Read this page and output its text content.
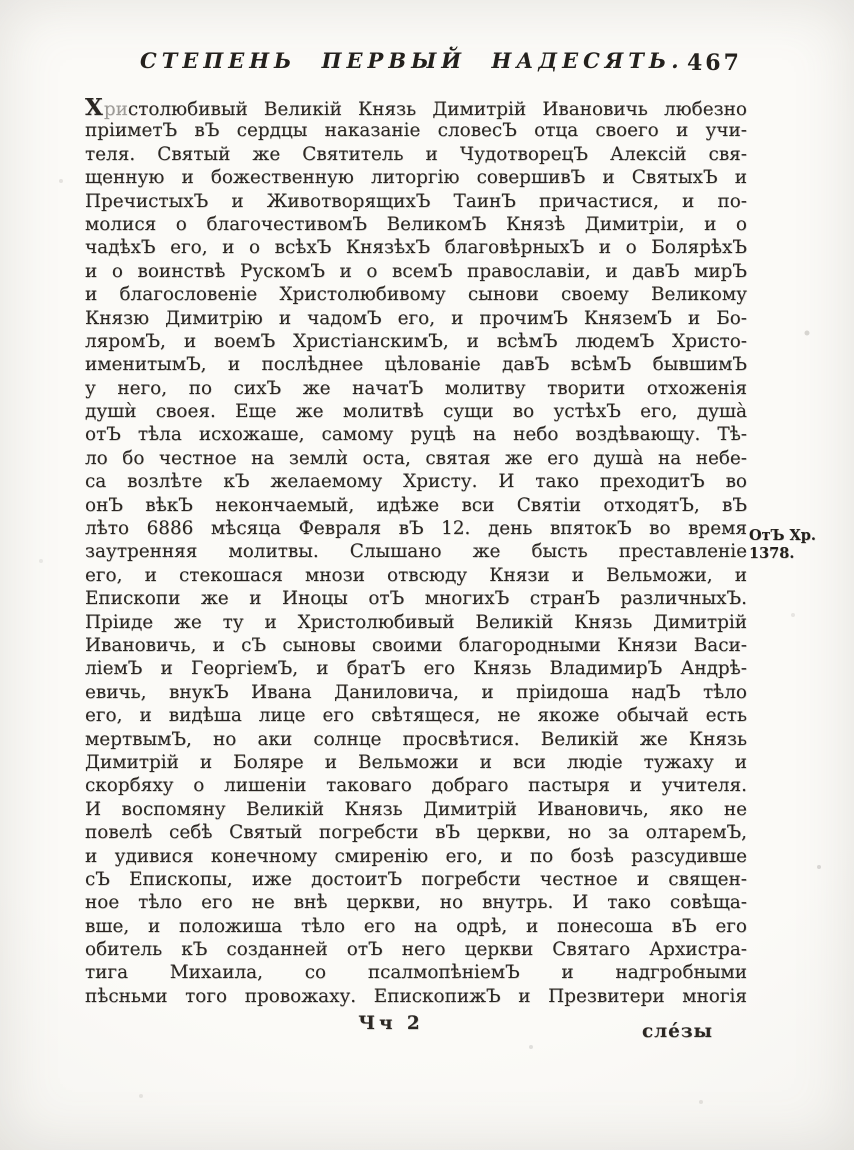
СТЕПЕНЬ ПЕРВЫЙ НАДЕСЯТЬ. 467
Христолюбивый Великій Князь Димитрій Ивановичь любезно
пріиметЪ вЪ сердцы наказаніе словесЪ отца своего и учи-
теля. Святый же Святитель и ЧудотворецЪ Алексій свя-
щенную и божественную литоргію совершивЪ и СвятыхЪ и
ПречистыхЪ и ЖивотворящихЪ ТаинЪ причастися, и по-
молися о благочестивомЪ ВеликомЪ Князѣ Димитріи, и о
чадѣхЪ его, и о всѣхЪ КнязѣхЪ благовѣрныхЪ и о БолярѣхЪ
и о воинствѣ РускомЪ и о всемЪ православіи, и давЪ мирЪ
и благословеніе Христолюбивому сынови своему Великому
Князю Димитрію и чадомЪ его, и прочимЪ КняземЪ и Бо-
ляромЪ, и воемЪ ХристіанскимЪ, и всѣмЪ людемЪ Христо-
именитымЪ, и послѣднее цѣлованіе давЪ всѣмЪ бывшимЪ
у него, по сихЪ же начатЪ молитву творити отхоженія
душѝ своея. Еще же молитвѣ сущи во устѣхЪ его, душа̀
отЪ тѣла исхожаше, самому руцѣ на небо воздѣвающу. Тѣ-
ло бо честное на землѝ оста, святая же его душа̀ на небе-
са возлѣте кЪ желаемому Христу. И тако преходитЪ во
онЪ вѣкЪ некончаемый, идѣже вси Святіи отходятЪ, вЪ
лѣто 6886 мѣсяца Февраля вЪ 12. день впятокЪ во время
заутренняя молитвы. Слышано же бысть преставленіе
его, и стекошася мнози отвсюду Князи и Вельможи, и
Епископи же и Иноцы отЪ многихЪ странЪ различныхЪ.
Пріиде же ту и Христолюбивый Великій Князь Димитрій
Ивановичь, и сЪ сыновы своими благородными Князи Васи-
ліемЪ и ГеоргіемЪ, и братЪ его Князь ВладимирЪ Андрѣ-
евичь, внукЪ Ивана Даниловича, и пріидоша надЪ тѣло
его, и видѣша лице его свѣтящеся, не якоже обычай есть
мертвымЪ, но аки солнце просвѣтися. Великій же Князь
Димитрій и Боляре и Вельможи и вси людіе тужаху и
скорбяху о лишеніи таковаго добраго пастыря и учителя.
И воспомяну Великій Князь Димитрій Ивановичь, яко не
повелѣ себѣ Святый погребсти вЪ церкви, но за олтаремЪ,
и удивися конечному смиренію его, и по бозѣ разсудивше
сЪ Епископы, иже достоитЪ погребсти честное и священ-
ное тѣло его не внѣ церкви, но внутрь. И тако совѣща-
вше, и положиша тѣло его на одрѣ, и понесоша вЪ его
обитель кЪ созданней отЪ него церкви Святаго Архистра-
тига Михаила, со псалмопѣніемЪ и надгробными
пѣсньми того провожаху. ЕпископижЪ и Презвитери многія
ОтЪ Хр.
1378.
Чч 2	сле́зы
